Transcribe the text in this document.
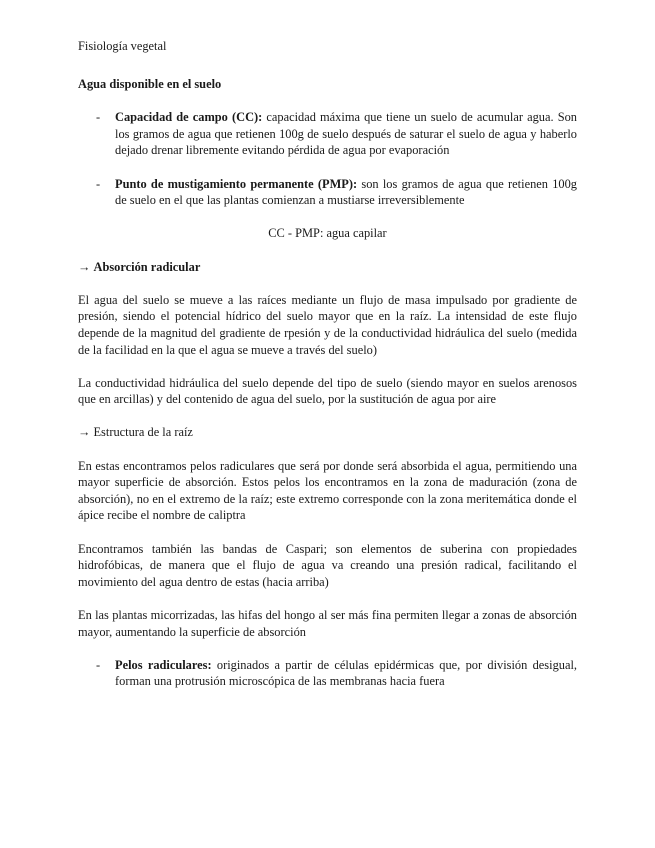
Fisiología vegetal

Agua disponible en el suelo

- Capacidad de campo (CC): capacidad máxima que tiene un suelo de acumular agua. Son los gramos de agua que retienen 100g de suelo después de saturar el suelo de agua y haberlo dejado drenar libremente evitando pérdida de agua por evaporación

- Punto de mustigamiento permanente (PMP): son los gramos de agua que retienen 100g de suelo en el que las plantas comienzan a mustiarse irreversiblemente

CC - PMP: agua capilar

→ Absorción radicular

El agua del suelo se mueve a las raíces mediante un flujo de masa impulsado por gradiente de presión, siendo el potencial hídrico del suelo mayor que en la raíz. La intensidad de este flujo depende de la magnitud del gradiente de rpesión y de la conductividad hidráulica del suelo (medida de la facilidad en la que el agua se mueve a través del suelo)

La conductividad hidráulica del suelo depende del tipo de suelo (siendo mayor en suelos arenosos que en arcillas) y del contenido de agua del suelo, por la sustitución de agua por aire

→ Estructura de la raíz

En estas encontramos pelos radiculares que será por donde será absorbida el agua, permitiendo una mayor superficie de absorción. Estos pelos los encontramos en la zona de maduración (zona de absorción), no en el extremo de la raíz; este extremo corresponde con la zona meritemática donde el ápice recibe el nombre de caliptra

Encontramos también las bandas de Caspari; son elementos de suberina con propiedades hidrofóbicas, de manera que el flujo de agua va creando una presión radical, facilitando el movimiento del agua dentro de estas (hacia arriba)

En las plantas micorrizadas, las hifas del hongo al ser más fina permiten llegar a zonas de absorción mayor, aumentando la superficie de absorción

- Pelos radiculares: originados a partir de células epidérmicas que, por división desigual, forman una protrusión microscópica de las membranas hacia fuera
